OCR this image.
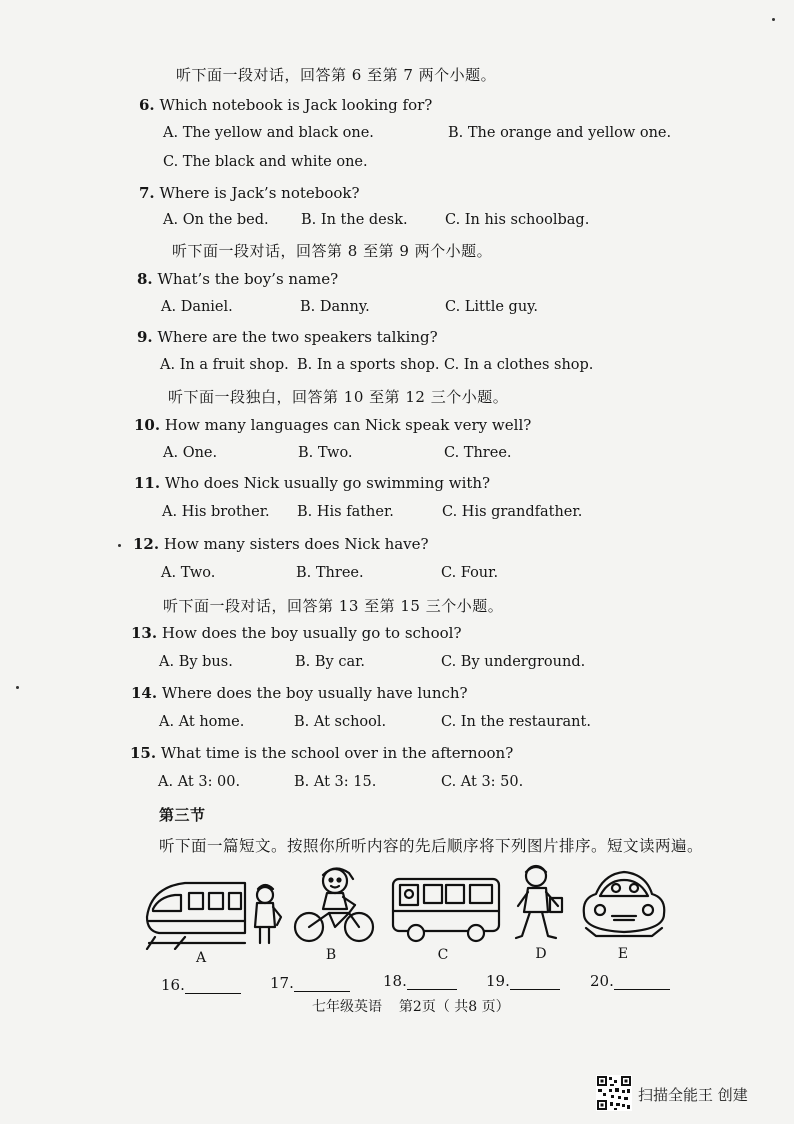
听下面一段对话，回答第 6 至第 7 两个小题。
6. Which notebook is Jack looking for?
A. The yellow and black one.	B. The orange and yellow one.
C. The black and white one.
7. Where is Jack’s notebook?
A. On the bed. B. In the desk.	C. In his schoolbag.
听下面一段对话，回答第 8 至第 9 两个小题。
8. What’s the boy’s name?
A. Daniel.	B. Danny.	C. Little guy.
9. Where are the two speakers talking?
A. In a fruit shop. B. In a sports shop. C. In a clothes shop.
听下面一段独白，回答第 10 至第 12 三个小题。
10. How many languages can Nick speak very well?
A. One.	B. Two.	C. Three.
11. Who does Nick usually go swimming with?
A. His brother. B. His father.	C. His grandfather.
12. How many sisters does Nick have?
A. Two.	B. Three.	C. Four.
听下面一段对话，回答第 13 至第 15 三个小题。
13. How does the boy usually go to school?
A. By bus.	B. By car.	C. By underground.
14. Where does the boy usually have lunch?
A. At home.	B. At school.	C. In the restaurant.
15. What time is the school over in the afternoon?
A. At 3: 00.	B. At 3: 15.	C. At 3: 50.
第三节
听下面一篇短文。按照你所听内容的先后顺序将下列图片排序。短文读两遍。
A	B	C	D	E
16.	17.	18.	19.	20.
七年级英语 第2页（ 共8 页）
扫描全能王 创建
